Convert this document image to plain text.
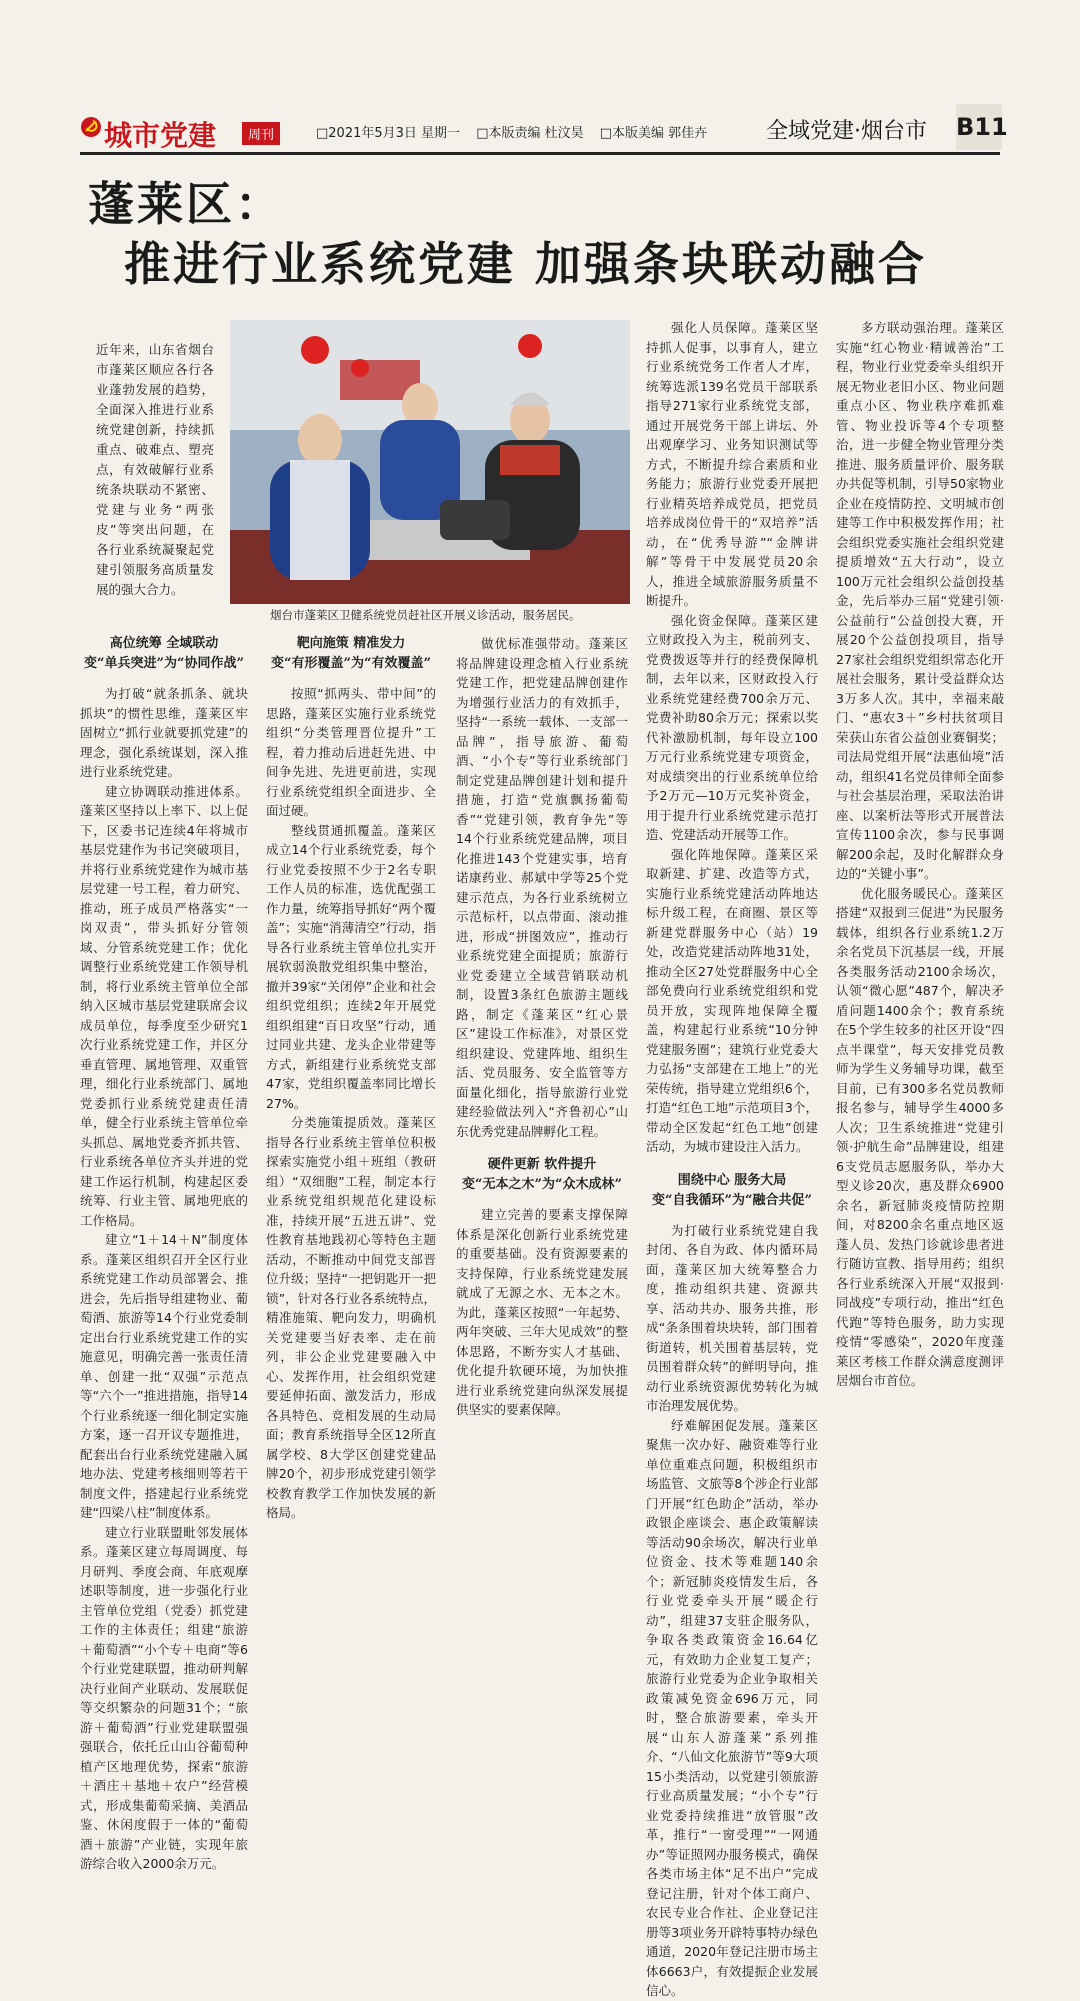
城市党建	周刊	□2021年5月3日 星期一 □本版责编 杜汶昊 □本版美编 郭佳卉	全域党建·烟台市 B11
蓬莱区：
推进行业系统党建 加强条块联动融合
近年来，山东省烟台市蓬莱区顺应各行各业蓬勃发展的趋势，全面深入推进行业系统党建创新，持续抓重点、破难点、塑亮点，有效破解行业系统条块联动不紧密、党建与业务“两张皮”等突出问题，在各行业系统凝聚起党建引领服务高质量发展的强大合力。
烟台市蓬莱区卫健系统党员赶社区开展义诊活动，服务居民。

高位统筹 全域联动

变“单兵突进”为“协同作战”

为打破“就条抓条、就块抓块”的惯性思维，蓬莱区牢固树立“抓行业就要抓党建”的理念，强化系统谋划，深入推进行业系统党建。

建立协调联动推进体系。蓬莱区坚持以上率下、以上促下，区委书记连续4年将城市基层党建作为书记突破项目，并将行业系统党建作为城市基层党建一号工程，着力研究、推动，班子成员严格落实“一岗双责”，带头抓好分管领域、分管系统党建工作；优化调整行业系统党建工作领导机制，将行业系统主管单位全部纳入区城市基层党建联席会议成员单位，每季度至少研究1次行业系统党建工作，并区分垂直管理、属地管理、双重管理，细化行业系统部门、属地党委抓行业系统党建责任清单，健全行业系统主管单位牵头抓总、属地党委齐抓共管、行业系统各单位齐头并进的党建工作运行机制，构建起区委统筹、行业主管、属地兜底的工作格局。

建立“1＋14＋N”制度体系。蓬莱区组织召开全区行业系统党建工作动员部署会、推进会，先后指导组建物业、葡萄酒、旅游等14个行业党委制定出台行业系统党建工作的实施意见，明确完善一张责任清单、创建一批“双强”示范点等“六个一”推进措施，指导14个行业系统逐一细化制定实施方案，逐一召开议专题推进，配套出台行业系统党建融入属地办法、党建考核细则等若干制度文件，搭建起行业系统党建“四梁八柱”制度体系。

建立行业联盟毗邻发展体系。蓬莱区建立每周调度、每月研判、季度会商、年底观摩述职等制度，进一步强化行业主管单位党组（党委）抓党建工作的主体责任；组建“旅游＋葡萄酒”“小个专＋电商”等6个行业党建联盟，推动研判解决行业间产业联动、发展联促等交织繁杂的问题31个；“旅游＋葡萄酒”行业党建联盟强强联合，依托丘山山谷葡萄种植产区地理优势，探索“旅游＋酒庄＋基地＋农户”经营模式，形成集葡萄采摘、美酒品鉴、休闲度假于一体的“葡萄酒＋旅游”产业链，实现年旅游综合收入2000余万元。

靶向施策 精准发力

变“有形覆盖”为“有效覆盖”

按照“抓两头、带中间”的思路，蓬莱区实施行业系统党组织“分类管理晋位提升”工程，着力推动后进赶先进、中间争先进、先进更前进，实现行业系统党组织全面进步、全面过硬。

整线贯通抓覆盖。蓬莱区成立14个行业系统党委，每个行业党委按照不少于2名专职工作人员的标准，选优配强工作力量，统筹指导抓好“两个覆盖”；实施“消薄清空”行动，指导各行业系统主管单位扎实开展软弱涣散党组织集中整治，撤并39家“关闭停”企业和社会组织党组织；连续2年开展党组织组建“百日攻坚”行动，通过同业共建、龙头企业带建等方式，新组建行业系统党支部47家，党组织覆盖率同比增长27%。

分类施策提质效。蓬莱区指导各行业系统主管单位积极探索实施党小组＋班组（教研组）“双细胞”工程，制定本行业系统党组织规范化建设标准，持续开展“五进五讲”、党性教育基地践初心等特色主题活动，不断推动中间党支部晋位升级；坚持“一把钥匙开一把锁”，针对各行业各系统特点，精准施策、靶向发力，明确机关党建要当好表率、走在前列，非公企业党建要融入中心、发挥作用，社会组织党建要延伸拓面、激发活力，形成各具特色、竞相发展的生动局面；教育系统指导全区12所直属学校、8大学区创建党建品牌20个，初步形成党建引领学校教育教学工作加快发展的新格局。

做优标准强带动。蓬莱区将品牌建设理念植入行业系统党建工作，把党建品牌创建作为增强行业活力的有效抓手，坚持“一系统一载体、一支部一品牌”，指导旅游、葡萄酒、“小个专”等行业系统部门制定党建品牌创建计划和提升措施，打造“党旗飘扬葡萄香”“党建引领，教育争先”等14个行业系统党建品牌，项目化推进143个党建实事，培育诺康药业、郝斌中学等25个党建示范点，为各行业系统树立示范标杆，以点带面、滚动推进，形成“拼图效应”，推动行业系统党建全面提质；旅游行业党委建立全域营销联动机制，设置3条红色旅游主题线路，制定《蓬莱区“红心景区”建设工作标准》，对景区党组织建设、党建阵地、组织生活、党员服务、安全监管等方面量化细化，指导旅游行业党建经验做法列入“齐鲁初心”山东优秀党建品牌孵化工程。

硬件更新 软件提升

变“无本之木”为“众木成林”

建立完善的要素支撑保障体系是深化创新行业系统党建的重要基础。没有资源要素的支持保障，行业系统党建发展就成了无源之水、无本之木。为此，蓬莱区按照“一年起势、两年突破、三年大见成效”的整体思路，不断夯实人才基础、优化提升软硬环境，为加快推进行业系统党建向纵深发展提供坚实的要素保障。

强化人员保障。蓬莱区坚持抓人促事，以事育人，建立行业系统党务工作者人才库，统筹选派139名党员干部联系指导271家行业系统党支部，通过开展党务干部上讲坛、外出观摩学习、业务知识测试等方式，不断提升综合素质和业务能力；旅游行业党委开展把行业精英培养成党员，把党员培养成岗位骨干的“双培养”活动，在“优秀导游”“金牌讲解”等骨干中发展党员20余人，推进全域旅游服务质量不断提升。

强化资金保障。蓬莱区建立财政投入为主，税前列支、党费拨返等并行的经费保障机制，去年以来，区财政投入行业系统党建经费700余万元、党费补助80余万元；探索以奖代补激励机制，每年设立100万元行业系统党建专项资金，对成绩突出的行业系统单位给予2万元—10万元奖补资金，用于提升行业系统党建示范打造、党建活动开展等工作。

强化阵地保障。蓬莱区采取新建、扩建、改造等方式，实施行业系统党建活动阵地达标升级工程，在商圈、景区等新建党群服务中心（站）19处，改造党建活动阵地31处，推动全区27处党群服务中心全部免费向行业系统党组织和党员开放，实现阵地保障全覆盖，构建起行业系统“10分钟党建服务圈”；建筑行业党委大力弘扬“支部建在工地上”的光荣传统，指导建立党组织6个，打造“红色工地”示范项目3个，带动全区发起“红色工地”创建活动，为城市建设注入活力。

围绕中心 服务大局

变“自我循环”为“融合共促”

为打破行业系统党建自我封闭、各自为政、体内循环局面，蓬莱区加大统筹整合力度，推动组织共建、资源共享、活动共办、服务共推，形成“条条围着块块转，部门围着街道转，机关围着基层转，党员围着群众转”的鲜明导向，推动行业系统资源优势转化为城市治理发展优势。

纾难解困促发展。蓬莱区聚焦一次办好、融资难等行业单位重难点问题，积极组织市场监管、文旅等8个涉企行业部门开展“红色助企”活动，举办政银企座谈会、惠企政策解读等活动90余场次，解决行业单位资金、技术等难题140余个；新冠肺炎疫情发生后，各行业党委牵头开展“暖企行动”，组建37支驻企服务队，争取各类政策资金16.64亿元，有效助力企业复工复产；旅游行业党委为企业争取相关政策减免资金696万元，同时，整合旅游要素，牵头开展“山东人游蓬莱”系列推介、“八仙文化旅游节”等9大项15小类活动，以党建引领旅游行业高质量发展；“小个专”行业党委持续推进“放管服”改革，推行“一窗受理”“一网通办”等证照网办服务模式，确保各类市场主体“足不出户”完成登记注册，针对个体工商户、农民专业合作社、企业登记注册等3项业务开辟特事特办绿色通道，2020年登记注册市场主体6663户，有效提振企业发展信心。

多方联动强治理。蓬莱区实施“红心物业·精诚善治”工程，物业行业党委牵头组织开展无物业老旧小区、物业问题重点小区、物业秩序难抓难管、物业投诉等4个专项整治，进一步健全物业管理分类推进、服务质量评价、服务联办共促等机制，引导50家物业企业在疫情防控、文明城市创建等工作中积极发挥作用；社会组织党委实施社会组织党建提质增效“五大行动”，设立100万元社会组织公益创投基金，先后举办三届“党建引领·公益前行”公益创投大赛，开展20个公益创投项目，指导27家社会组织党组织常态化开展社会服务，累计受益群众达3万多人次。其中，幸福来敲门、“惠农3＋”乡村扶贫项目荣获山东省公益创业赛铜奖；司法局党组开展“法惠仙境”活动，组织41名党员律师全面参与社会基层治理，采取法治讲座、以案析法等形式开展普法宣传1100余次，参与民事调解200余起，及时化解群众身边的“关键小事”。

优化服务暖民心。蓬莱区搭建“双报到三促进”为民服务载体，组织各行业系统1.2万余名党员下沉基层一线，开展各类服务活动2100余场次，认领“微心愿”487个，解决矛盾问题1400余个；教育系统在5个学生较多的社区开设“四点半课堂”，每天安排党员教师为学生义务辅导功课，截至目前，已有300多名党员教师报名参与，辅导学生4000多人次；卫生系统推进“党建引领·护航生命”品牌建设，组建6支党员志愿服务队，举办大型义诊20次，惠及群众6900余名，新冠肺炎疫情防控期间，对8200余名重点地区返蓬人员、发热门诊就诊患者进行随访宣教、指导用药；组织各行业系统深入开展“双报到·同战疫”专项行动，推出“红色代跑”等特色服务，助力实现疫情“零感染”，2020年度蓬莱区考核工作群众满意度测评居烟台市首位。
